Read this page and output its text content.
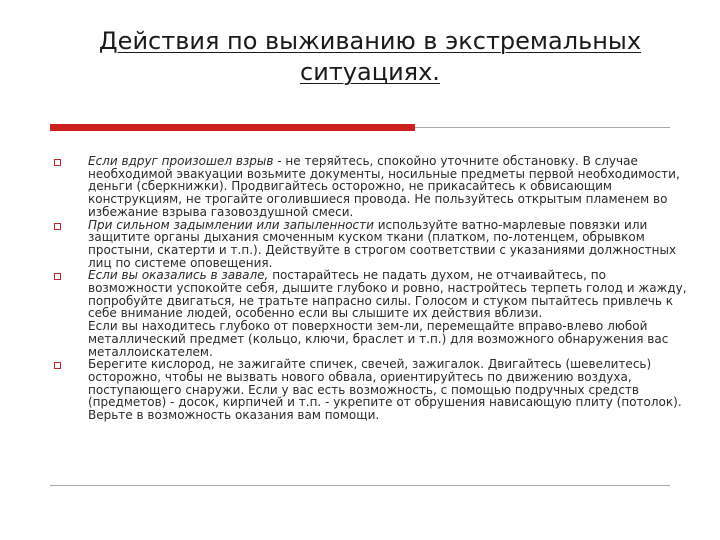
Действия по выживанию в экстремальных
ситуациях.

Если вдруг произошел взрыв - не теряйтесь, спокойно уточните обстановку. В случае необходимой эвакуации возьмите документы, носильные предметы первой необходимости, деньги (сберкнижки). Продвигайтесь осторожно, не прикасайтесь к обвисающим конструкциям, не трогайте оголившиеся провода. Не пользуйтесь открытым пламенем во избежание взрыва газовоздушной смеси.

При сильном задымлении или запыленности используйте ватно-марлевые повязки или защитите органы дыхания смоченным куском ткани (платком, по-лотенцем, обрывком простыни, скатерти и т.п.). Действуйте в строгом соответствии с указаниями должностных лиц по системе оповещения.

Если вы оказались в завале, постарайтесь не падать духом, не отчаивайтесь, по возможности успокойте себя, дышите глубоко и ровно, настройтесь терпеть голод и жажду, попробуйте двигаться, не тратьте напрасно силы. Голосом и стуком пытайтесь привлечь к себе внимание людей, особенно если вы слышите их действия вблизи.

Если вы находитесь глубоко от поверхности зем-ли, перемещайте вправо-влево любой металлический предмет (кольцо, ключи, браслет и т.п.) для возможного обнаружения вас металлоискателем.

Берегите кислород, не зажигайте спичек, свечей, зажигалок. Двигайтесь (шевелитесь) осторожно, чтобы не вызвать нового обвала, ориентируйтесь по движению воздуха, поступающего снаружи. Если у вас есть возможность, с помощью подручных средств (предметов) - досок, кирпичей и т.п. - укрепите от обрушения нависающую плиту (потолок). Верьте в возможность оказания вам помощи.
